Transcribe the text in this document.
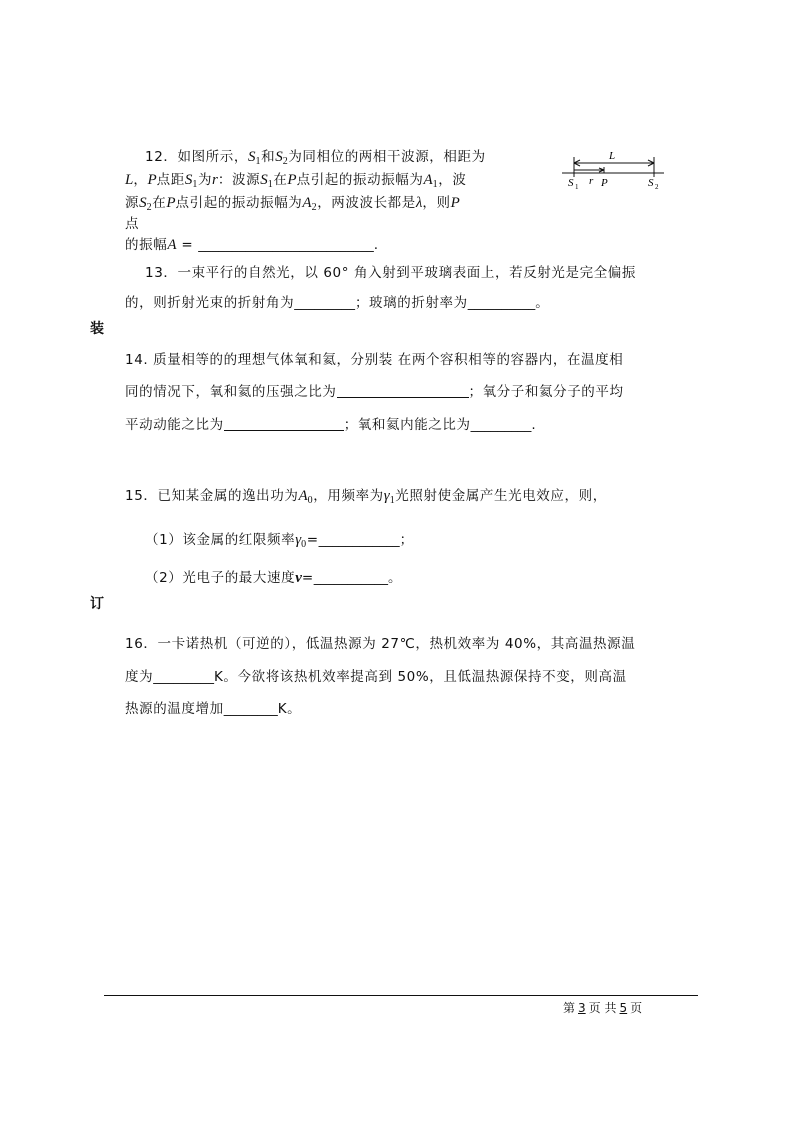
12．如图所示，$S_1$和$S_2$为同相位的两相干波源，相距为
L，P点距$S_1$为r：波源$S_1$在P点引起的振动振幅为$A_1$，波
源$S_2$在P点引起的振动振幅为$A_2$，两波波长都是λ，则P
点
的振幅A = __________________________.
L
S 1 r P	S 2
13．一束平行的自然光，以 60° 角入射到平玻璃表面上，若反射光是完全偏振
的，则折射光束的折射角为_________；玻璃的折射率为__________。
装
14. 质量相等的的理想气体氧和氦，分别装 在两个容积相等的容器内，在温度相
同的情况下，氧和氦的压强之比为	；氧分子和氦分子的平均
平动动能之比为	；氧和氦内能之比为_________.
15．已知某金属的逸出功为$A_0$，用频率为$\gamma_1$光照射使金属产生光电效应，则，
（1）该金属的红限频率$\gamma_0=\_\_\_\_\_\_\_\_\_\_\_\_$；
（2）光电子的最大速度v=___________。
订
16．一卡诺热机（可逆的），低温热源为 27℃，热机效率为 40%，其高温热源温
度为_________K。今欲将该热机效率提高到 50%，且低温热源保持不变，则高温
热源的温度增加________K。
第 3 页 共 5 页
